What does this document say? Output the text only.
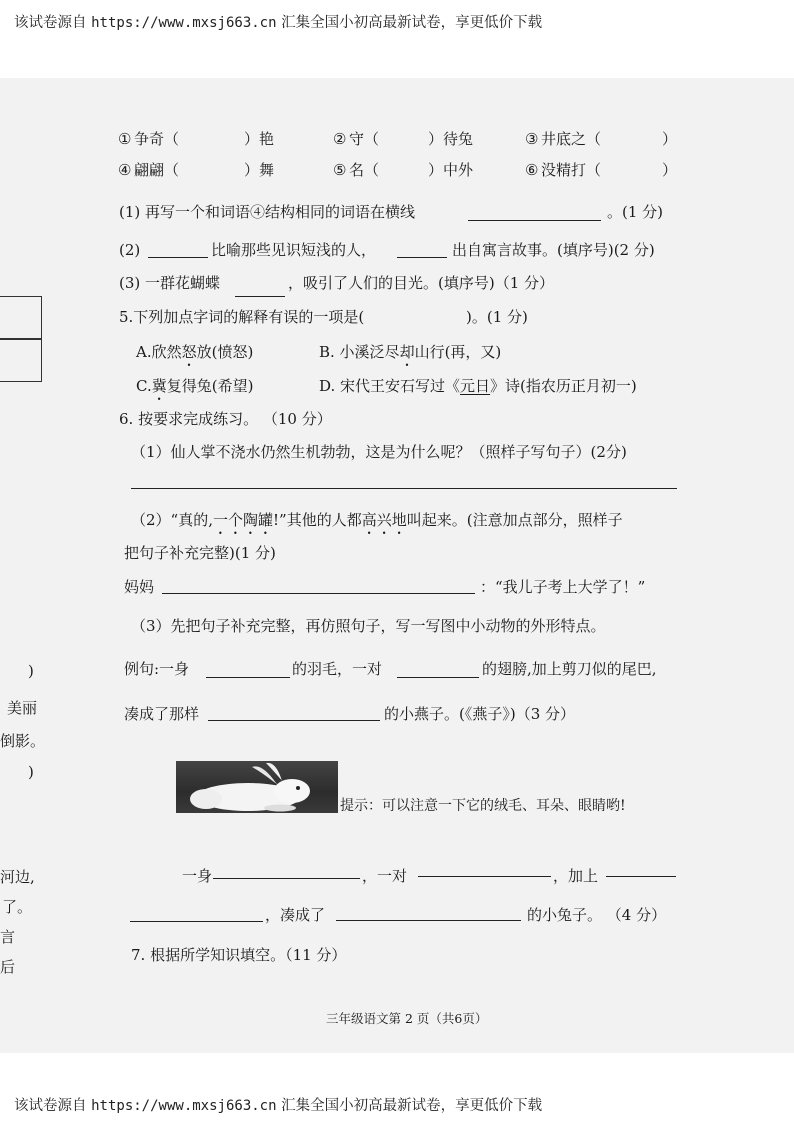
该试卷源自 https://www.mxsj663.cn 汇集全国小初高最新试卷，享更低价下载
)
美丽
倒影。
)
河边,
了。
言
后
① 争奇（	）艳	② 守（	）待兔	③ 井底之（	）
④ 翩翩（	）舞	⑤ 名（	）中外	⑥ 没精打（	）
(1) 再写一个和词语④结构相同的词语在横线	。(1 分)
(2)	比喻那些见识短浅的人，	出自寓言故事。(填序号)(2 分)
(3) 一群花蝴蝶	，吸引了人们的目光。(填序号)（1 分）
5.下列加点字词的解释有误的一项是(	)。(1 分)
A.欣然怒放(愤怒)	B. 小溪泛尽却山行(再，又)
C.冀复得兔(希望)	D. 宋代王安石写过《元日》诗(指农历正月初一)
6. 按要求完成练习。 （10 分）
（1）仙人掌不浇水仍然生机勃勃，这是为什么呢？（照样子写句子）(2分)
（2）“真的,一个陶罐!”其他的人都高兴地叫起来。(注意加点部分，照样子
把句子补充完整)(1 分)
妈妈	：“我儿子考上大学了！”
（3）先把句子补充完整，再仿照句子，写一写图中小动物的外形特点。
例句:一身	的羽毛，一对	的翅膀,加上剪刀似的尾巴,
凑成了那样	的小燕子。(《燕子》)（3 分）
提示：可以注意一下它的绒毛、耳朵、眼睛哟!
一身	，一对	，加上
，凑成了	的小兔子。 （4 分）
7. 根据所学知识填空。（11 分）
三年级语文第 2 页（共6页）
该试卷源自 https://www.mxsj663.cn 汇集全国小初高最新试卷，享更低价下载
